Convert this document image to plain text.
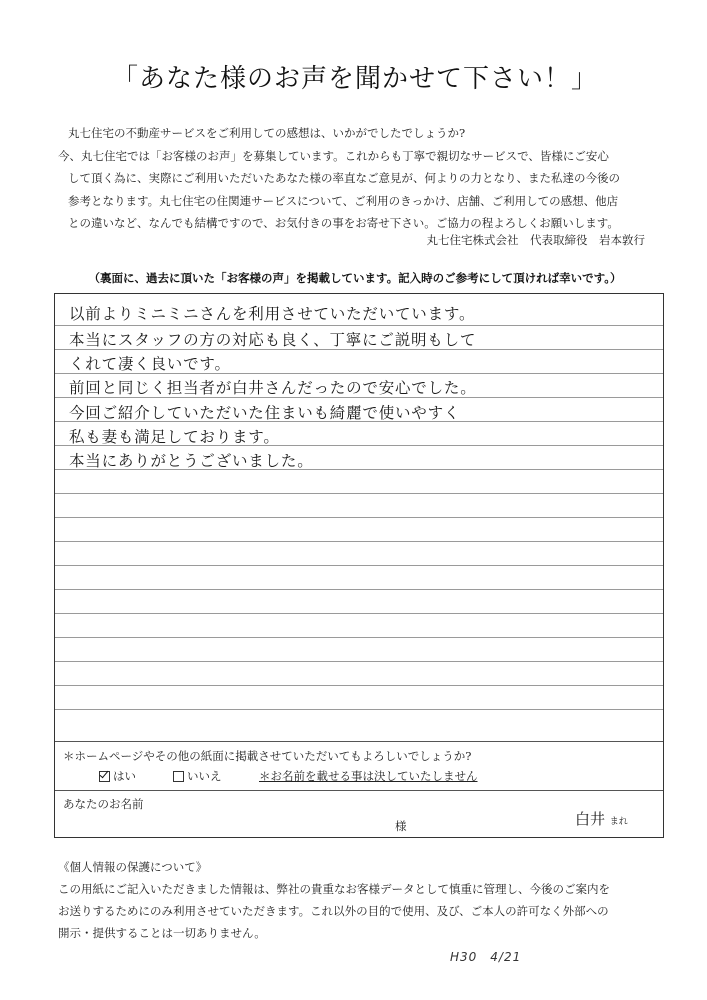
「あなた様のお声を聞かせて下さい！」

丸七住宅の不動産サービスをご利用しての感想は、いかがでしたでしょうか?

今、丸七住宅では「お客様のお声」を募集しています。これからも丁寧で親切なサービスで、皆様にご安心

して頂く為に、実際にご利用いただいたあなた様の率直なご意見が、何よりの力となり、また私達の今後の

参考となります。丸七住宅の住関連サービスについて、ご利用のきっかけ、店舗、ご利用しての感想、他店

との違いなど、なんでも結構ですので、お気付きの事をお寄せ下さい。ご協力の程よろしくお願いします。

丸七住宅株式会社　代表取締役　岩本敦行
（裏面に、過去に頂いた「お客様の声」を掲載しています。記入時のご参考にして頂ければ幸いです。）
以前よりミニミニさんを利用させていただいています。
本当にスタッフの方の対応も良く、丁寧にご説明もして
くれて凄く良いです。
前回と同じく担当者が白井さんだったので安心でした。
今回ご紹介していただいた住まいも綺麗で使いやすく
私も妻も満足しております。
本当にありがとうございました。
＊ホームページやその他の紙面に掲載させていただいてもよろしいでしょうか?
はい	いいえ	＊お名前を載せる事は決していたしません
あなたのお名前
様	白井 まれ

《個人情報の保護について》

この用紙にご記入いただきました情報は、弊社の貴重なお客様データとして慎重に管理し、今後のご案内を

お送りするためにのみ利用させていただきます。これ以外の目的で使用、及び、ご本人の許可なく外部への

開示・提供することは一切ありません。

H30　4/21
